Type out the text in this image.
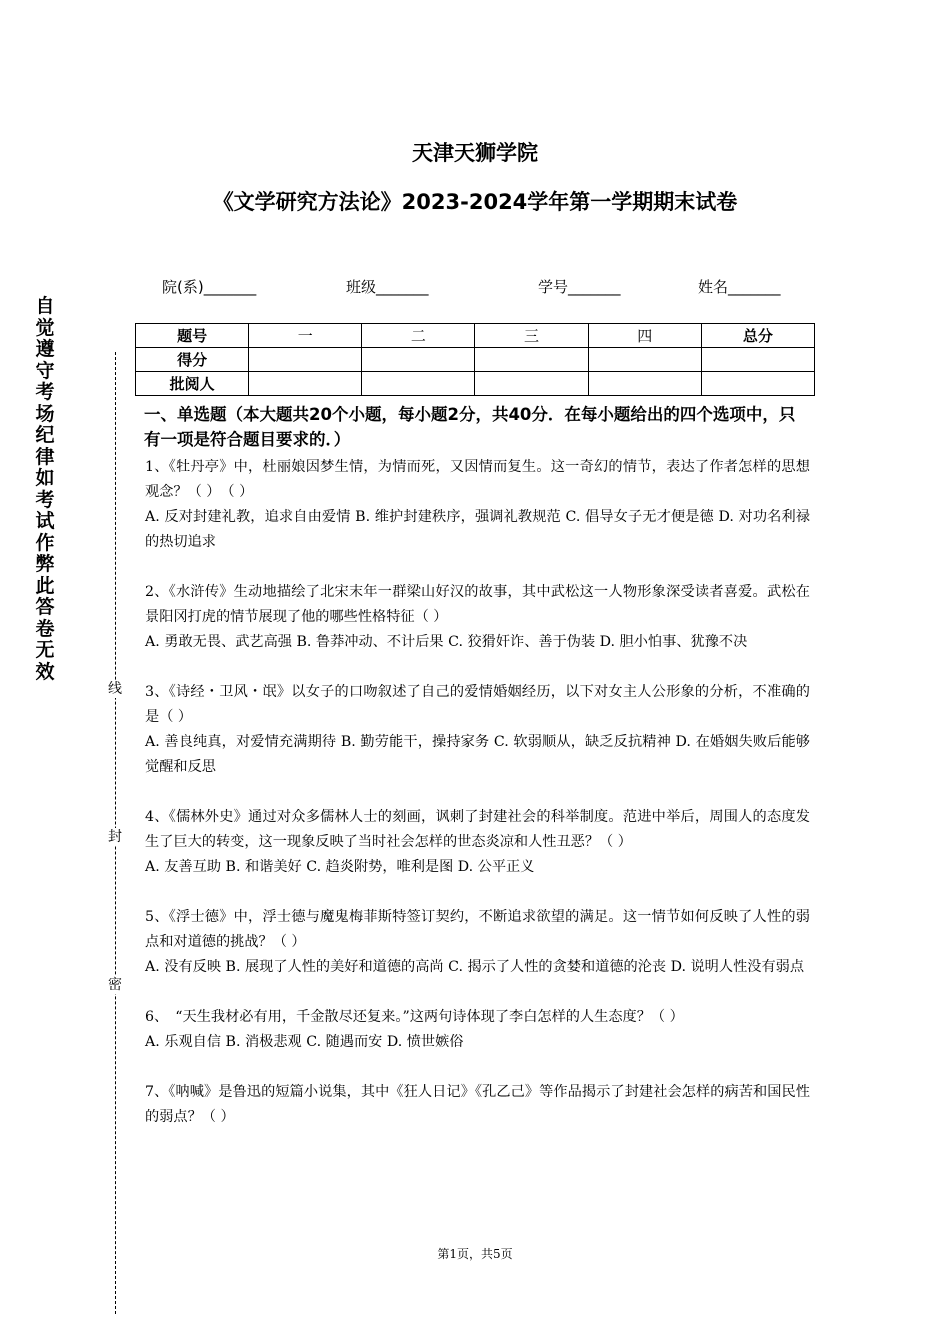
自觉遵守考场纪律如考试作弊此答卷无效
线
封
密
天津天狮学院
《文学研究方法论》2023-2024学年第一学期期末试卷
院(系)_______	班级_______	学号_______	姓名_______
题号	一	二	三	四	总分
得分					
批阅人					
一、单选题（本大题共20个小题，每小题2分，共40分．在每小题给出的四个选项中，只有一项是符合题目要求的．）

1、《牡丹亭》中，杜丽娘因梦生情，为情而死，又因情而复生。这一奇幻的情节，表达了作者怎样的思想观念？（ ）　（ ）

A. 反对封建礼教，追求自由爱情 B. 维护封建秩序，强调礼教规范 C. 倡导女子无才便是德 D. 对功名利禄的热切追求

2、《水浒传》生动地描绘了北宋末年一群梁山好汉的故事，其中武松这一人物形象深受读者喜爱。武松在景阳冈打虎的情节展现了他的哪些性格特征（ ）

A. 勇敢无畏、武艺高强 B. 鲁莽冲动、不计后果 C. 狡猾奸诈、善于伪装 D. 胆小怕事、犹豫不决

3、《诗经・卫风・氓》以女子的口吻叙述了自己的爱情婚姻经历，以下对女主人公形象的分析，不准确的是（ ）

A. 善良纯真，对爱情充满期待 B. 勤劳能干，操持家务 C. 软弱顺从，缺乏反抗精神 D. 在婚姻失败后能够觉醒和反思

4、《儒林外史》通过对众多儒林人士的刻画，讽刺了封建社会的科举制度。范进中举后，周围人的态度发生了巨大的转变，这一现象反映了当时社会怎样的世态炎凉和人性丑恶？（ ）

A. 友善互助 B. 和谐美好 C. 趋炎附势，唯利是图 D. 公平正义

5、《浮士德》中，浮士德与魔鬼梅菲斯特签订契约，不断追求欲望的满足。这一情节如何反映了人性的弱点和对道德的挑战？（ ）

A. 没有反映 B. 展现了人性的美好和道德的高尚 C. 揭示了人性的贪婪和道德的沦丧 D. 说明人性没有弱点

6、　“天生我材必有用，千金散尽还复来。”这两句诗体现了李白怎样的人生态度？（ ）

A. 乐观自信 B. 消极悲观 C. 随遇而安 D. 愤世嫉俗

7、《呐喊》是鲁迅的短篇小说集，其中《狂人日记》《孔乙己》等作品揭示了封建社会怎样的病苦和国民性的弱点？（ ）

第1页，共5页
